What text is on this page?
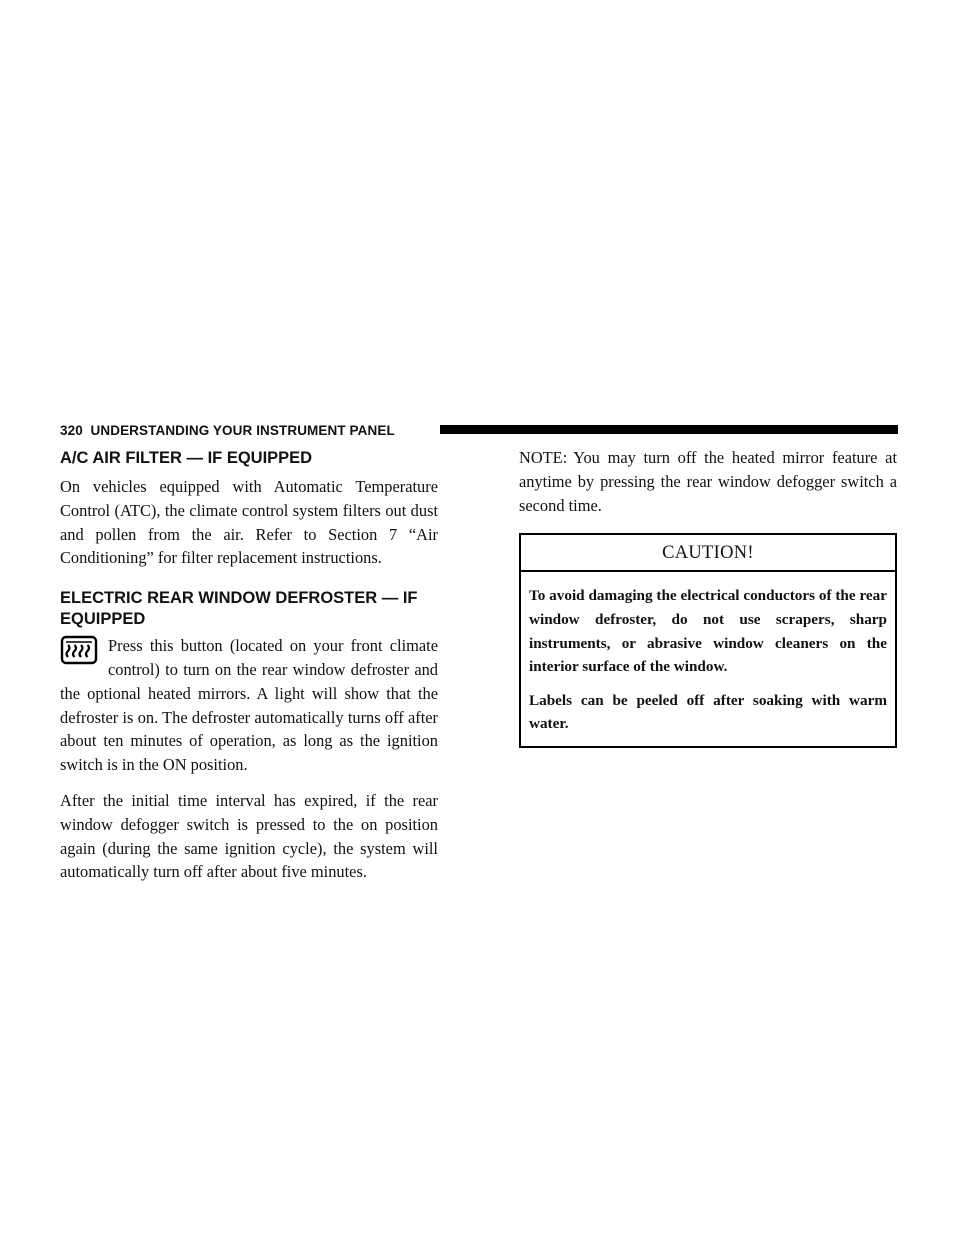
320 UNDERSTANDING YOUR INSTRUMENT PANEL
A/C AIR FILTER — IF EQUIPPED

On vehicles equipped with Automatic Temperature Control (ATC), the climate control system filters out dust and pollen from the air. Refer to Section 7 “Air Conditioning” for filter replacement instructions.

ELECTRIC REAR WINDOW DEFROSTER — IF
EQUIPPED

Press this button (located on your front climate control) to turn on the rear window defroster and the optional heated mirrors. A light will show that the defroster is on. The defroster automatically turns off after about ten minutes of operation, as long as the ignition switch is in the ON position.

After the initial time interval has expired, if the rear window defogger switch is pressed to the on position again (during the same ignition cycle), the system will automatically turn off after about five minutes.

NOTE: You may turn off the heated mirror feature at anytime by pressing the rear window defogger switch a second time.

CAUTION!

To avoid damaging the electrical conductors of the rear window defroster, do not use scrapers, sharp instruments, or abrasive window cleaners on the interior surface of the window.

Labels can be peeled off after soaking with warm water.
